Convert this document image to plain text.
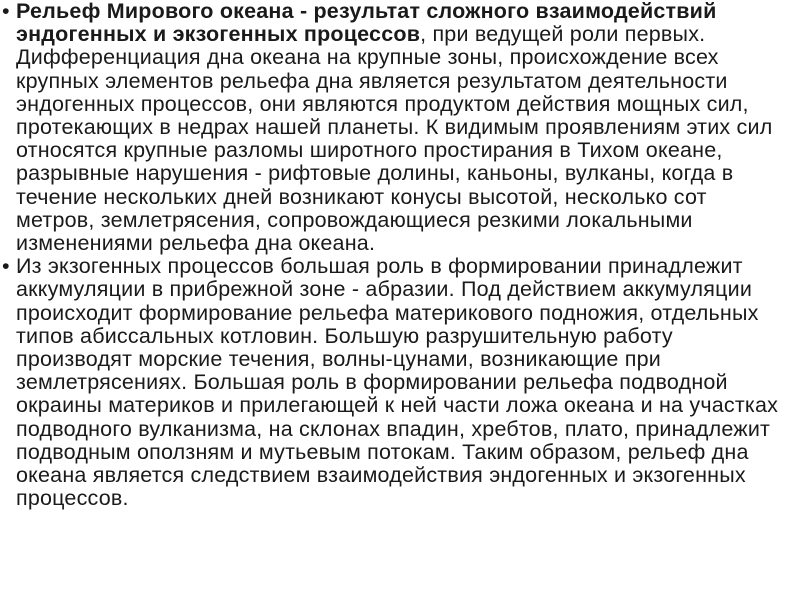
• Рельеф Мирового океана - результат сложного взаимодействий эндогенных и экзогенных процессов, при ведущей роли первых. Дифференциация дна океана на крупные зоны, происхождение всех крупных элементов рельефа дна является результатом деятельности эндогенных процессов, они являются продуктом действия мощных сил, протекающих в недрах нашей планеты. К видимым проявлениям этих сил относятся крупные разломы широтного простирания в Тихом океане, разрывные нарушения - рифтовые долины, каньоны, вулканы, когда в течение нескольких дней возникают конусы высотой, несколько сот метров, землетрясения, сопровождающиеся резкими локальными изменениями рельефа дна океана.
• Из экзогенных процессов большая роль в формировании принадлежит аккумуляции в прибрежной зоне - абразии. Под действием аккумуляции происходит формирование рельефа материкового подножия, отдельных типов абиссальных котловин. Большую разрушительную работу производят морские течения, волны-цунами, возникающие при землетрясениях. Большая роль в формировании рельефа подводной окраины материков и прилегающей к ней части ложа океана и на участках подводного вулканизма, на склонах впадин, хребтов, плато, принадлежит подводным оползням и мутьевым потокам. Таким образом, рельеф дна океана является следствием взаимодействия эндогенных и экзогенных процессов.
